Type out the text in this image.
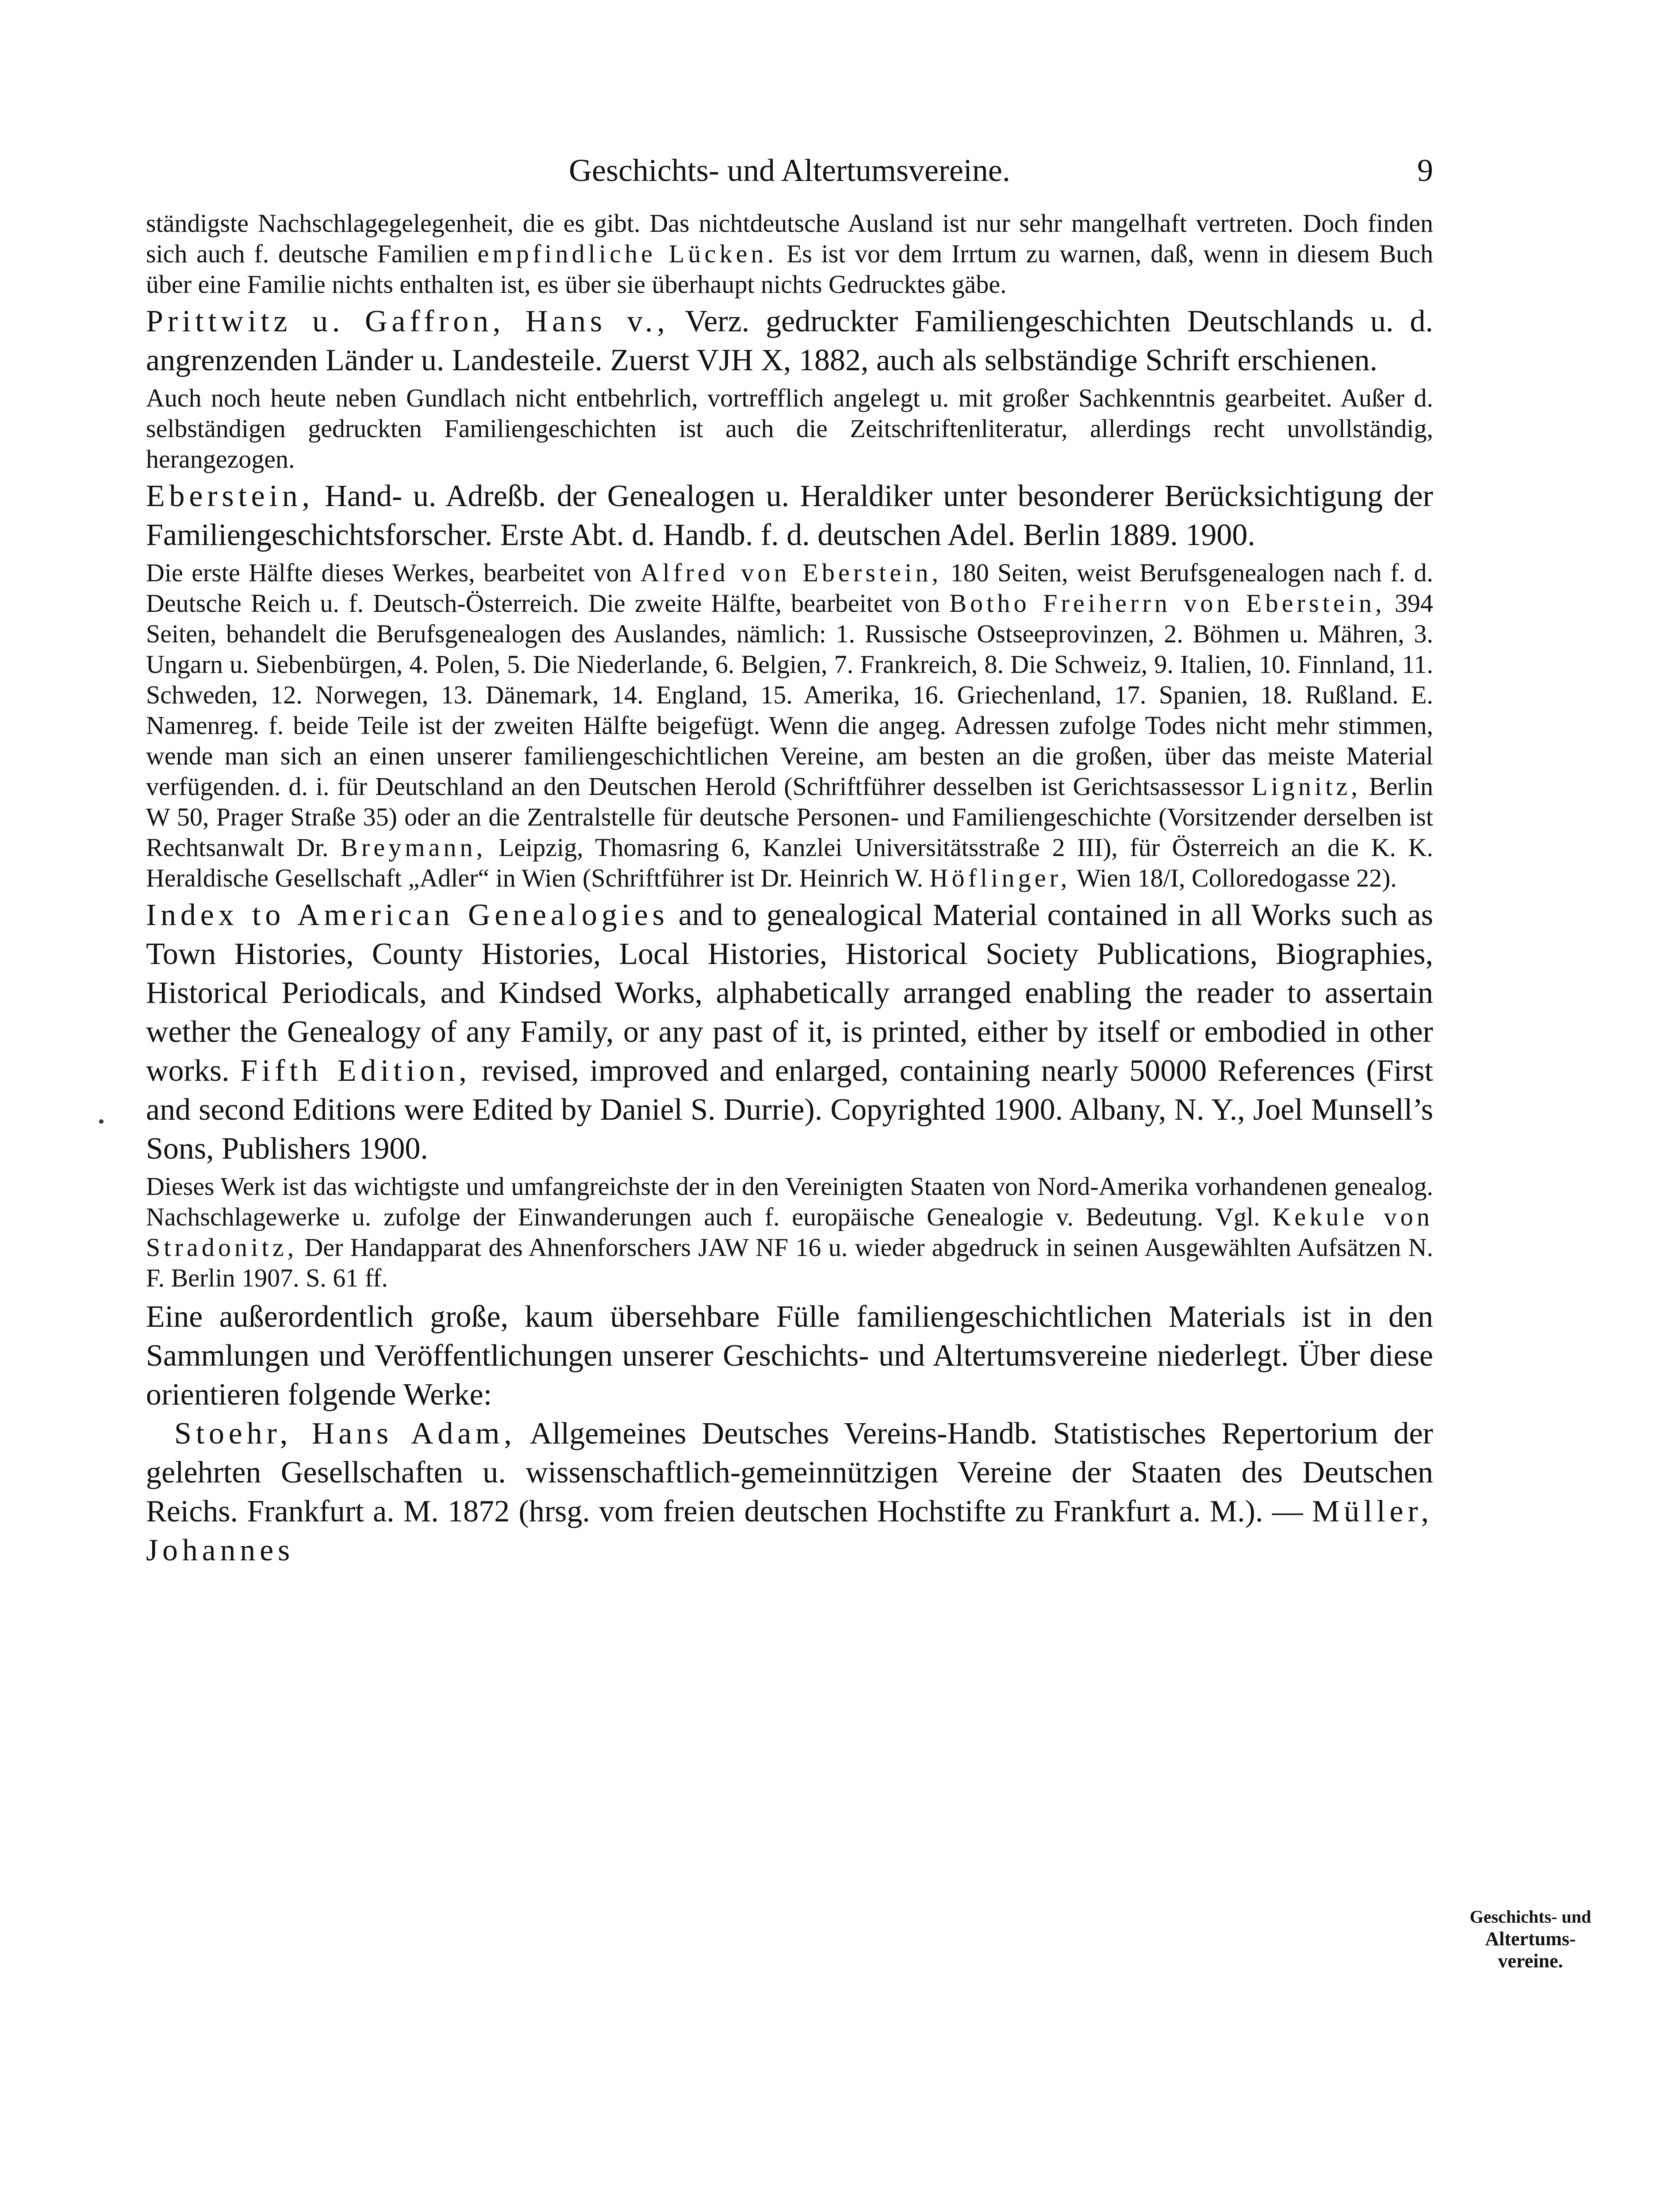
Geschichts- und Altertumsvereine.	9

ständigste Nachschlagegelegenheit, die es gibt. Das nichtdeutsche Ausland ist nur sehr mangelhaft vertreten. Doch finden sich auch f. deutsche Familien empfindliche Lücken. Es ist vor dem Irrtum zu warnen, daß, wenn in diesem Buch über eine Familie nichts enthalten ist, es über sie überhaupt nichts Gedrucktes gäbe.

Prittwitz u. Gaffron, Hans v., Verz. gedruckter Familiengeschichten Deutschlands u. d. angrenzenden Länder u. Landesteile. Zuerst VJH X, 1882, auch als selbständige Schrift erschienen.

Auch noch heute neben Gundlach nicht entbehrlich, vortrefflich angelegt u. mit großer Sachkenntnis gearbeitet. Außer d. selbständigen gedruckten Familiengeschichten ist auch die Zeitschriftenliteratur, allerdings recht unvollständig, herangezogen.

Eberstein, Hand- u. Adreßb. der Genealogen u. Heraldiker unter besonderer Berücksichtigung der Familiengeschichtsforscher. Erste Abt. d. Handb. f. d. deutschen Adel. Berlin 1889. 1900.

Die erste Hälfte dieses Werkes, bearbeitet von Alfred von Eberstein, 180 Seiten, weist Berufsgenealogen nach f. d. Deutsche Reich u. f. Deutsch-Österreich. Die zweite Hälfte, bearbeitet von Botho Freiherrn von Eberstein, 394 Seiten, behandelt die Berufsgenealogen des Auslandes, nämlich: 1. Russische Ostseeprovinzen, 2. Böhmen u. Mähren, 3. Ungarn u. Siebenbürgen, 4. Polen, 5. Die Niederlande, 6. Belgien, 7. Frankreich, 8. Die Schweiz, 9. Italien, 10. Finnland, 11. Schweden, 12. Norwegen, 13. Dänemark, 14. England, 15. Amerika, 16. Griechenland, 17. Spanien, 18. Rußland. E. Namenreg. f. beide Teile ist der zweiten Hälfte beigefügt. Wenn die angeg. Adressen zufolge Todes nicht mehr stimmen, wende man sich an einen unserer familiengeschichtlichen Vereine, am besten an die großen, über das meiste Material verfügenden. d. i. für Deutschland an den Deutschen Herold (Schriftführer desselben ist Gerichtsassessor Lignitz, Berlin W 50, Prager Straße 35) oder an die Zentralstelle für deutsche Personen- und Familiengeschichte (Vorsitzender derselben ist Rechtsanwalt Dr. Breymann, Leipzig, Thomasring 6, Kanzlei Universitätsstraße 2 III), für Österreich an die K. K. Heraldische Gesellschaft „Adler“ in Wien (Schriftführer ist Dr. Heinrich W. Höflinger, Wien 18/I, Colloredogasse 22).

Index to American Genealogies and to genealogical Material contained in all Works such as Town Histories, County Histories, Local Histories, Historical Society Publications, Biographies, Historical Periodicals, and Kindsed Works, alphabetically arranged enabling the reader to assertain wether the Genealogy of any Family, or any past of it, is printed, either by itself or embodied in other works. Fifth Edition, revised, improved and enlarged, containing nearly 50000 References (First and second Editions were Edited by Daniel S. Durrie). Copyrighted 1900. Albany, N. Y., Joel Munsell’s Sons, Publishers 1900.

Dieses Werk ist das wichtigste und umfangreichste der in den Vereinigten Staaten von Nord-Amerika vorhandenen genealog. Nachschlagewerke u. zufolge der Einwanderungen auch f. europäische Genealogie v. Bedeutung. Vgl. Kekule von Stradonitz, Der Handapparat des Ahnenforschers JAW NF 16 u. wieder abgedruck in seinen Ausgewählten Aufsätzen N. F. Berlin 1907. S. 61 ff.

Eine außerordentlich große, kaum übersehbare Fülle familiengeschichtlichen Materials ist in den Sammlungen und Veröffentlichungen unserer Geschichts- und Altertumsvereine niederlegt. Über diese orientieren folgende Werke:

Stoehr, Hans Adam, Allgemeines Deutsches Vereins-Handb. Statistisches Repertorium der gelehrten Gesellschaften u. wissenschaftlich-gemeinnützigen Vereine der Staaten des Deutschen Reichs. Frankfurt a. M. 1872 (hrsg. vom freien deutschen Hochstifte zu Frankfurt a. M.). — Müller, Johannes

Geschichts- und
Altertums-
vereine.
